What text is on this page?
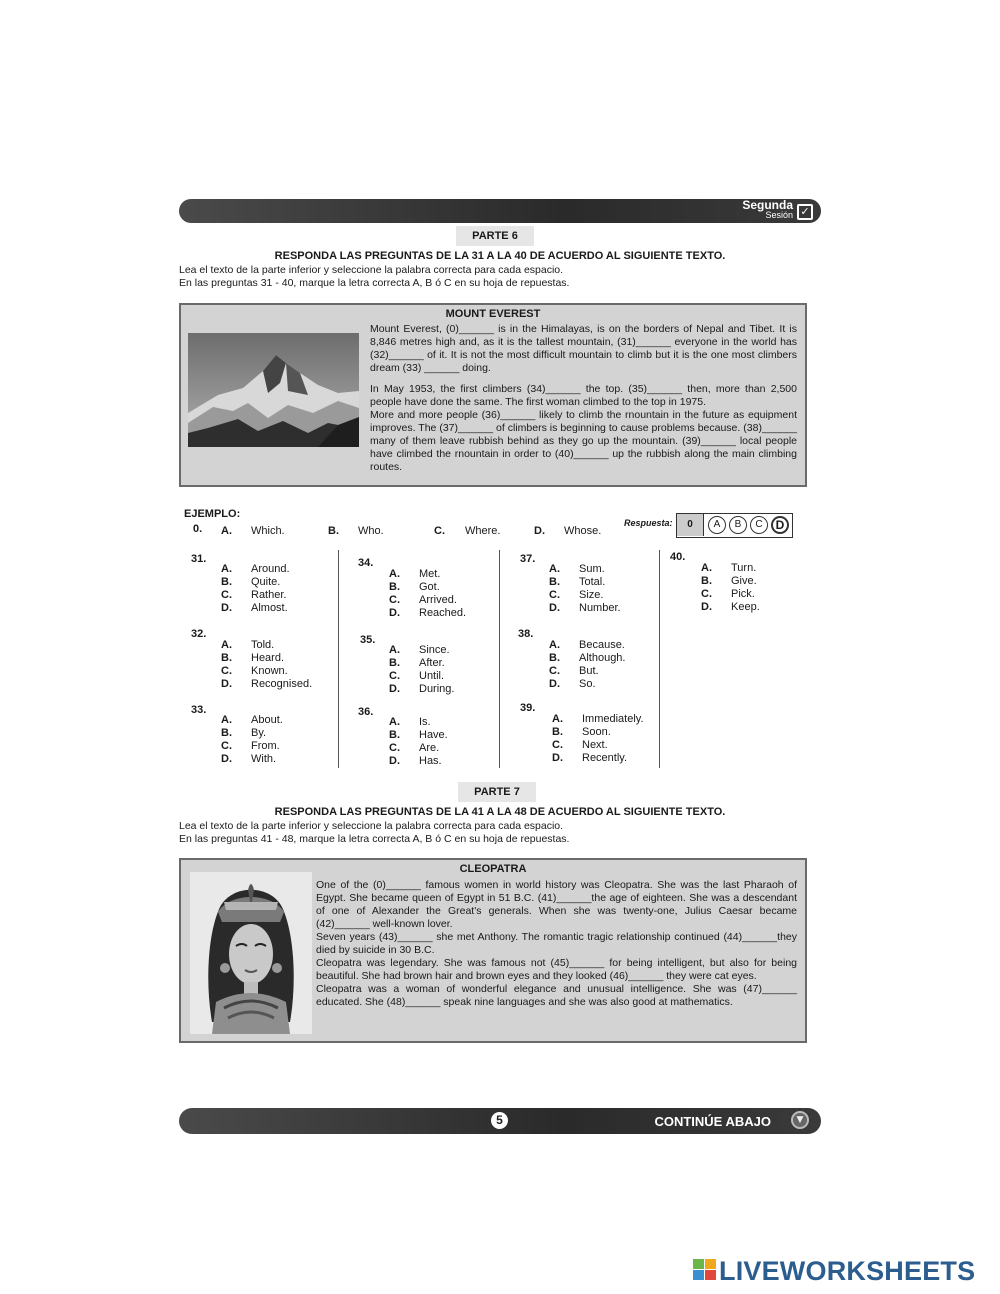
Segunda
Sesión ✓
PARTE 6
RESPONDA LAS PREGUNTAS DE LA 31 A LA 40 DE ACUERDO AL SIGUIENTE TEXTO.
Lea el texto de la parte inferior y seleccione la palabra correcta para cada espacio.
En las preguntas 31 - 40, marque la letra correcta A, B ó C en su hoja de repuestas.
MOUNT EVEREST

Mount Everest, (0)______ is in the Himalayas, is on the borders of Nepal and Tibet. It is 8,846 metres high and, as it is the tallest mountain, (31)______ everyone in the world has (32)______ of it. It is not the most difficult mountain to climb but it is the one most climbers dream (33) ______ doing.

In May 1953, the first climbers (34)______ the top. (35)______ then, more than 2,500 people have done the same. The first woman climbed to the top in 1975.

More and more people (36)______ likely to climb the rnountain in the future as equipment improves. The (37)______ of climbers is beginning to cause problems because. (38)______ many of them leave rubbish behind as they go up the mountain. (39)______ local people have climbed the rnountain in order to (40)______ up the rubbish along the main climbing routes.

EJEMPLO:
0. A. Which.	B. Who.	C. Where.	D. Whose.
Respuesta:	0	A	B	C	D
31.
A. Around.
B. Quite.
C. Rather.
D. Almost.
32.
A. Told.
B. Heard.
C. Known.
D. Recognised.
33.
A. About.
B. By.
C. From.
D. With.
34.
A. Met.
B. Got.
C. Arrived.
D. Reached.
35.
A. Since.
B. After.
C. Until.
D. During.
36.
A. Is.
B. Have.
C. Are.
D. Has.
37.
A. Sum.
B. Total.
C. Size.
D. Number.
38.
A. Because.
B. Although.
C. But.
D. So.
39.
A. Immediately.
B. Soon.
C. Next.
D. Recently.
40.
A. Turn.
B. Give.
C. Pick.
D. Keep.
PARTE 7
RESPONDA LAS PREGUNTAS DE LA 41 A LA 48 DE ACUERDO AL SIGUIENTE TEXTO.
Lea el texto de la parte inferior y seleccione la palabra correcta para cada espacio.
En las preguntas 41 - 48, marque la letra correcta A, B ó C en su hoja de repuestas.
CLEOPATRA

One of the (0)______ famous women in world history was Cleopatra. She was the last Pharaoh of Egypt. She became queen of Egypt in 51 B.C. (41)______the age of eighteen. She was a descendant of one of Alexander the Great's generals. When she was twenty-one, Julius Caesar became (42)______ well-known lover.

Seven years (43)______ she met Anthony. The romantic tragic relationship continued (44)______they died by suicide in 30 B.C.

Cleopatra was legendary. She was famous not (45)______ for being intelligent, but also for being beautiful. She had brown hair and brown eyes and they looked (46)______ they were cat eyes.

Cleopatra was a woman of wonderful elegance and unusual intelligence. She was (47)______ educated. She (48)______ speak nine languages and she was also good at mathematics.

5	CONTINÚE ABAJO	▼
LIVEWORKSHEETS
